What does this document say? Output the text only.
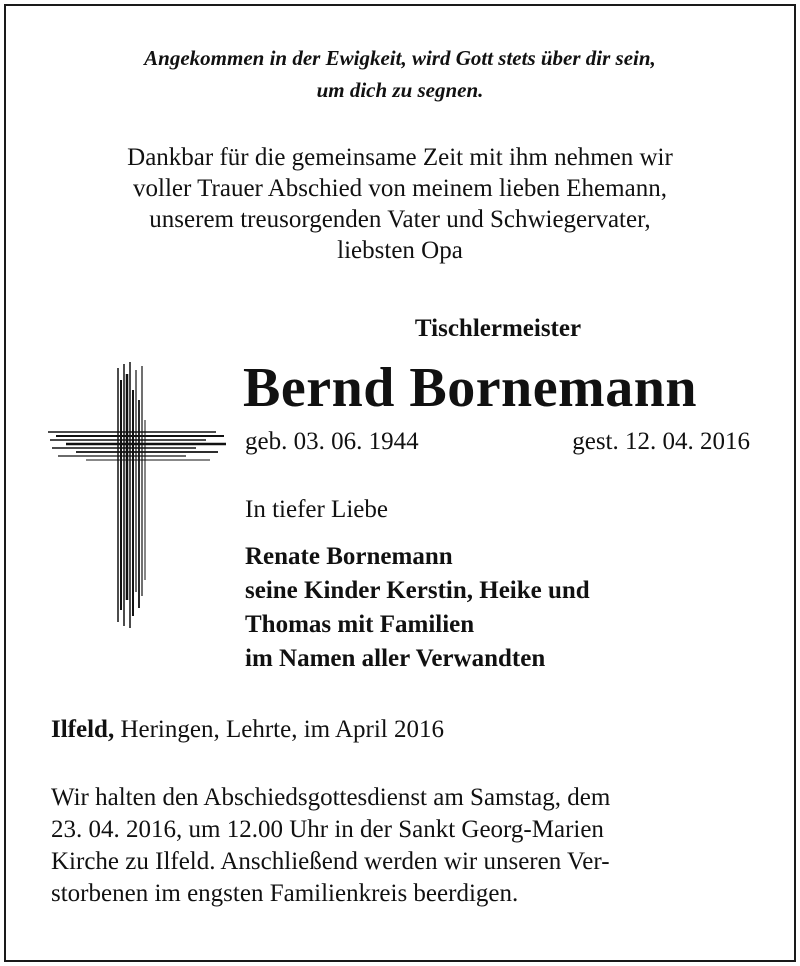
Angekommen in der Ewigkeit, wird Gott stets über dir sein,
um dich zu segnen.
Dankbar für die gemeinsame Zeit mit ihm nehmen wir
voller Trauer Abschied von meinem lieben Ehemann,
unserem treusorgenden Vater und Schwiegervater,
liebsten Opa
Tischlermeister
Bernd Bornemann
geb. 03. 06. 1944	gest. 12. 04. 2016
In tiefer Liebe
Renate Bornemann
seine Kinder Kerstin, Heike und
Thomas mit Familien
im Namen aller Verwandten
Ilfeld, Heringen, Lehrte, im April 2016
Wir halten den Abschiedsgottesdienst am Samstag, dem
23. 04. 2016, um 12.00 Uhr in der Sankt Georg-Marien
Kirche zu Ilfeld. Anschließend werden wir unseren Ver-
storbenen im engsten Familienkreis beerdigen.
